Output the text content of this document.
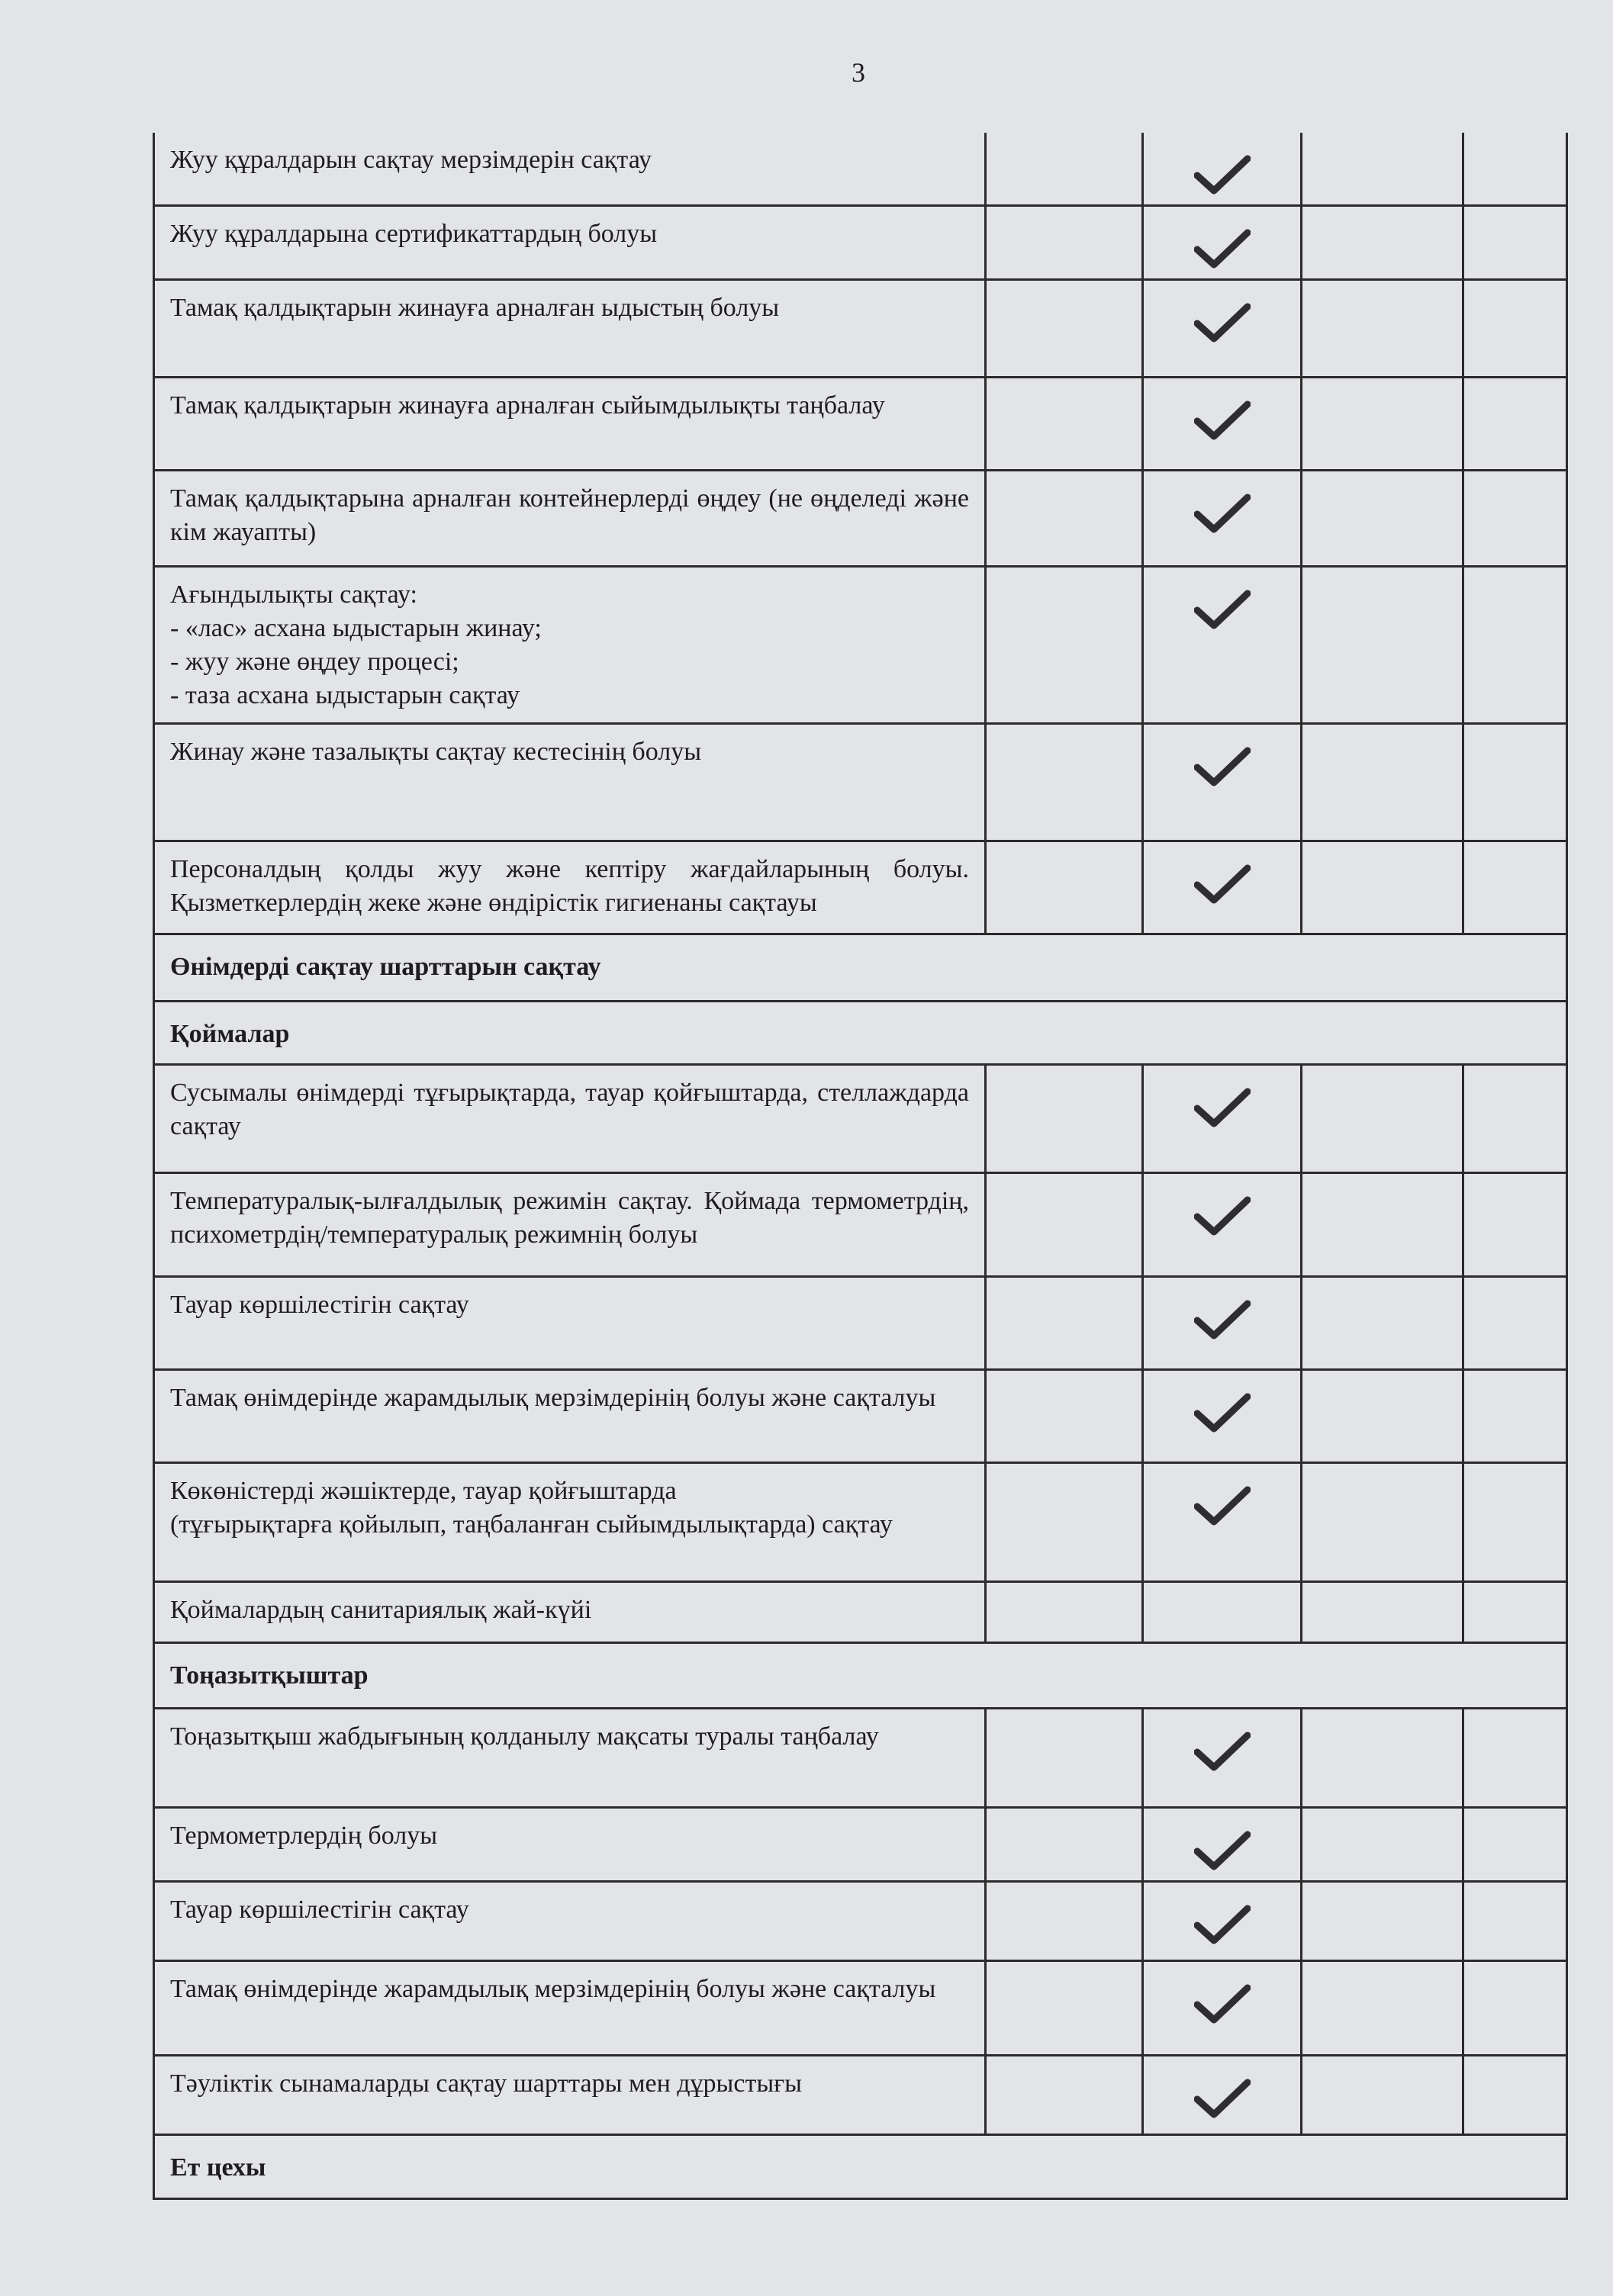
3
Жуу құралдарын сақтау мерзімдерін сақтау		

Жуу құралдарына сертификаттардың болуы		

Тамақ қалдықтарын жинауға арналған ыдыстың болуы		

Тамақ қалдықтарын жинауға арналған сыйымдылықты таңбалау		

Тамақ қалдықтарына арналған контейнерлерді өңдеу (не өңделеді және кім жауапты)		

Ағындылықты сақтау:
- «лас» асхана ыдыстарын жинау;
- жуу және өңдеу процесі;
- таза асхана ыдыстарын сақтау		

Жинау және тазалықты сақтау кестесінің болуы		

Персоналдың қолды жуу және кептіру жағдайларының болуы. Қызметкерлердің жеке және өндірістік гигиенаны сақтауы		

Өнімдерді сақтау шарттарын сақтау				
Қоймалар				
Сусымалы өнімдерді тұғырықтарда, тауар қойғыштарда, стеллаждарда сақтау		

Температуралық-ылғалдылық режимін сақтау. Қоймада термометрдің, психометрдің/температуралық режимнің болуы		

Тауар көршілестігін сақтау		

Тамақ өнімдерінде жарамдылық мерзімдерінің болуы және сақталуы		

Көкөністерді жәшіктерде, тауар қойғыштарда
(тұғырықтарға қойылып, таңбаланған сыйымдылықтарда) сақтау		

Қоймалардың санитариялық жай-күйі				
Тоңазытқыштар				
Тоңазытқыш жабдығының қолданылу мақсаты туралы таңбалау		

Термометрлердің болуы		

Тауар көршілестігін сақтау		

Тамақ өнімдерінде жарамдылық мерзімдерінің болуы және сақталуы		

Тәуліктік сынамаларды сақтау шарттары мен дұрыстығы		

Ет цехы				
